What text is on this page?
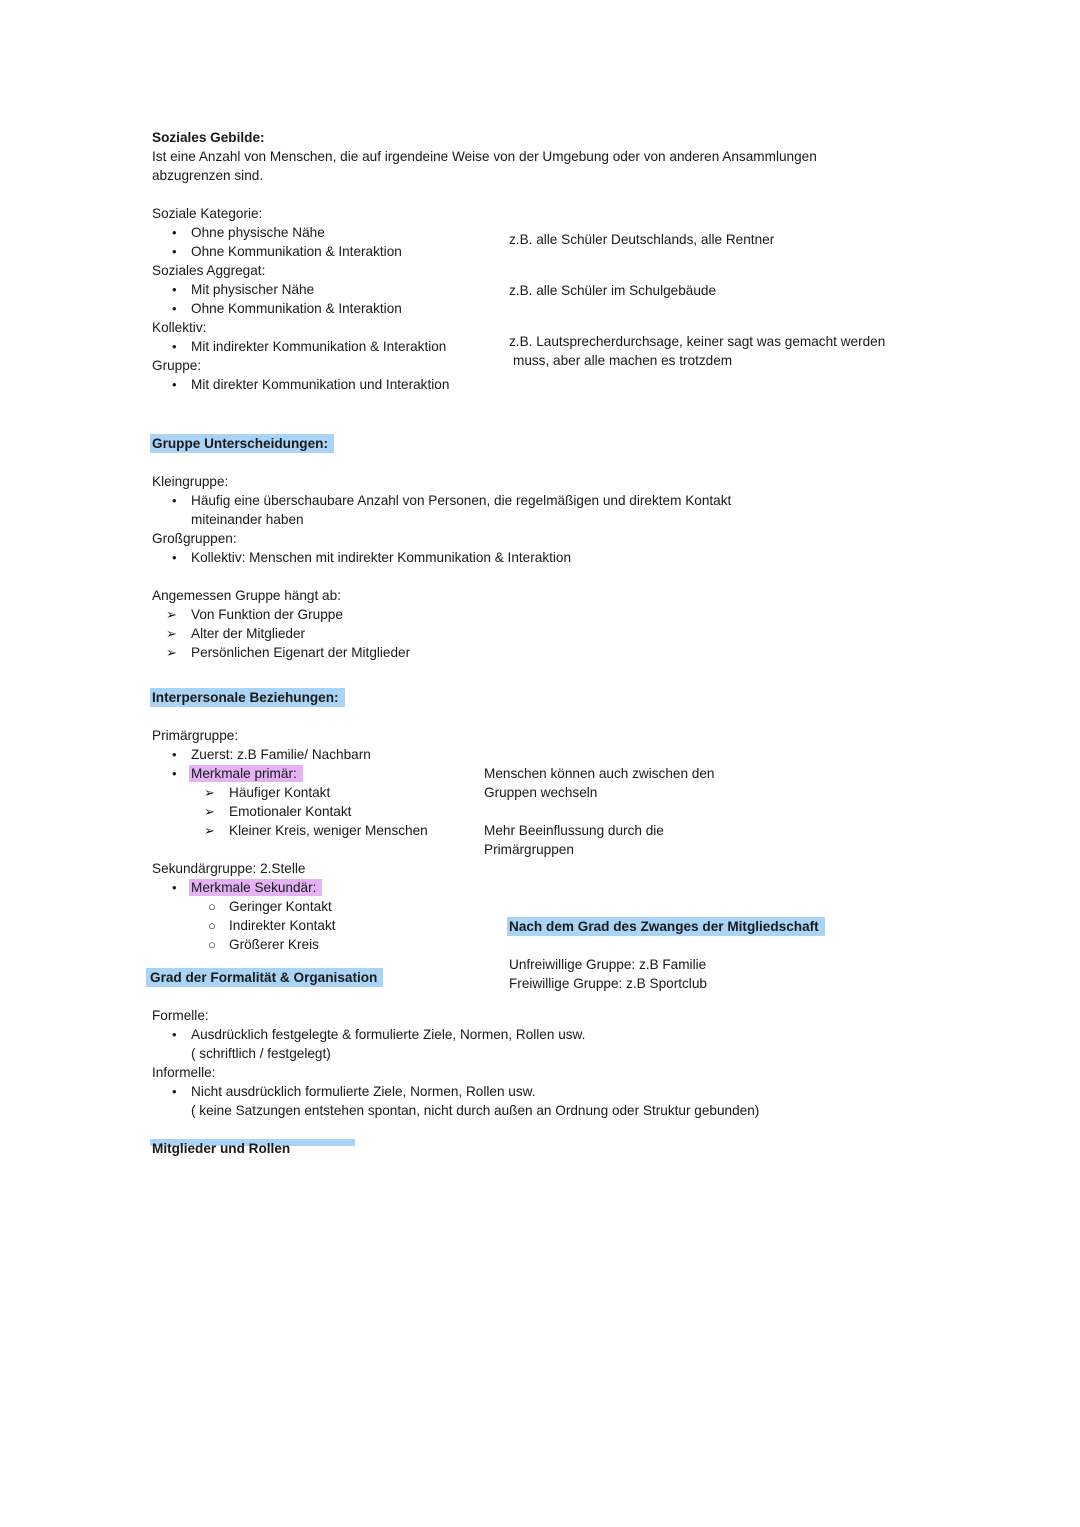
Soziales Gebilde:
Ist eine Anzahl von Menschen, die auf irgendeine Weise von der Umgebung oder von anderen Ansammlungen
abzugrenzen sind.
Soziale Kategorie:
• Ohne physische Nähe
• Ohne Kommunikation & Interaktion
z.B. alle Schüler Deutschlands, alle Rentner
Soziales Aggregat:
• Mit physischer Nähe
• Ohne Kommunikation & Interaktion
z.B. alle Schüler im Schulgebäude
Kollektiv:
• Mit indirekter Kommunikation & Interaktion	z.B. Lautsprecherdurchsage, keiner sagt was gemacht werden
muss, aber alle machen es trotzdem
Gruppe:
• Mit direkter Kommunikation und Interaktion
Gruppe Unterscheidungen:
Kleingruppe:
• Häufig eine überschaubare Anzahl von Personen, die regelmäßigen und direktem Kontakt
miteinander haben
Großgruppen:
• Kollektiv: Menschen mit indirekter Kommunikation & Interaktion
Angemessen Gruppe hängt ab:
➢ Von Funktion der Gruppe
➢ Alter der Mitglieder
➢ Persönlichen Eigenart der Mitglieder
Interpersonale Beziehungen:
Primärgruppe:
• Zuerst: z.B Familie/ Nachbarn
• Merkmale primär:
➢ Häufiger Kontakt
➢ Emotionaler Kontakt
➢ Kleiner Kreis, weniger Menschen
Menschen können auch zwischen den
Gruppen wechseln
Mehr Beeinflussung durch die
Primärgruppen
Sekundärgruppe: 2.Stelle
• Merkmale Sekundär:
○ Geringer Kontakt
○ Indirekter Kontakt
○ Größerer Kreis
Nach dem Grad des Zwanges der Mitgliedschaft
Unfreiwillige Gruppe: z.B Familie
Freiwillige Gruppe: z.B Sportclub
Grad der Formalität & Organisation
Formelle:
• Ausdrücklich festgelegte & formulierte Ziele, Normen, Rollen usw.
( schriftlich / festgelegt)
Informelle:
• Nicht ausdrücklich formulierte Ziele, Normen, Rollen usw.
( keine Satzungen entstehen spontan, nicht durch außen an Ordnung oder Struktur gebunden)
Mitglieder und Rollen
